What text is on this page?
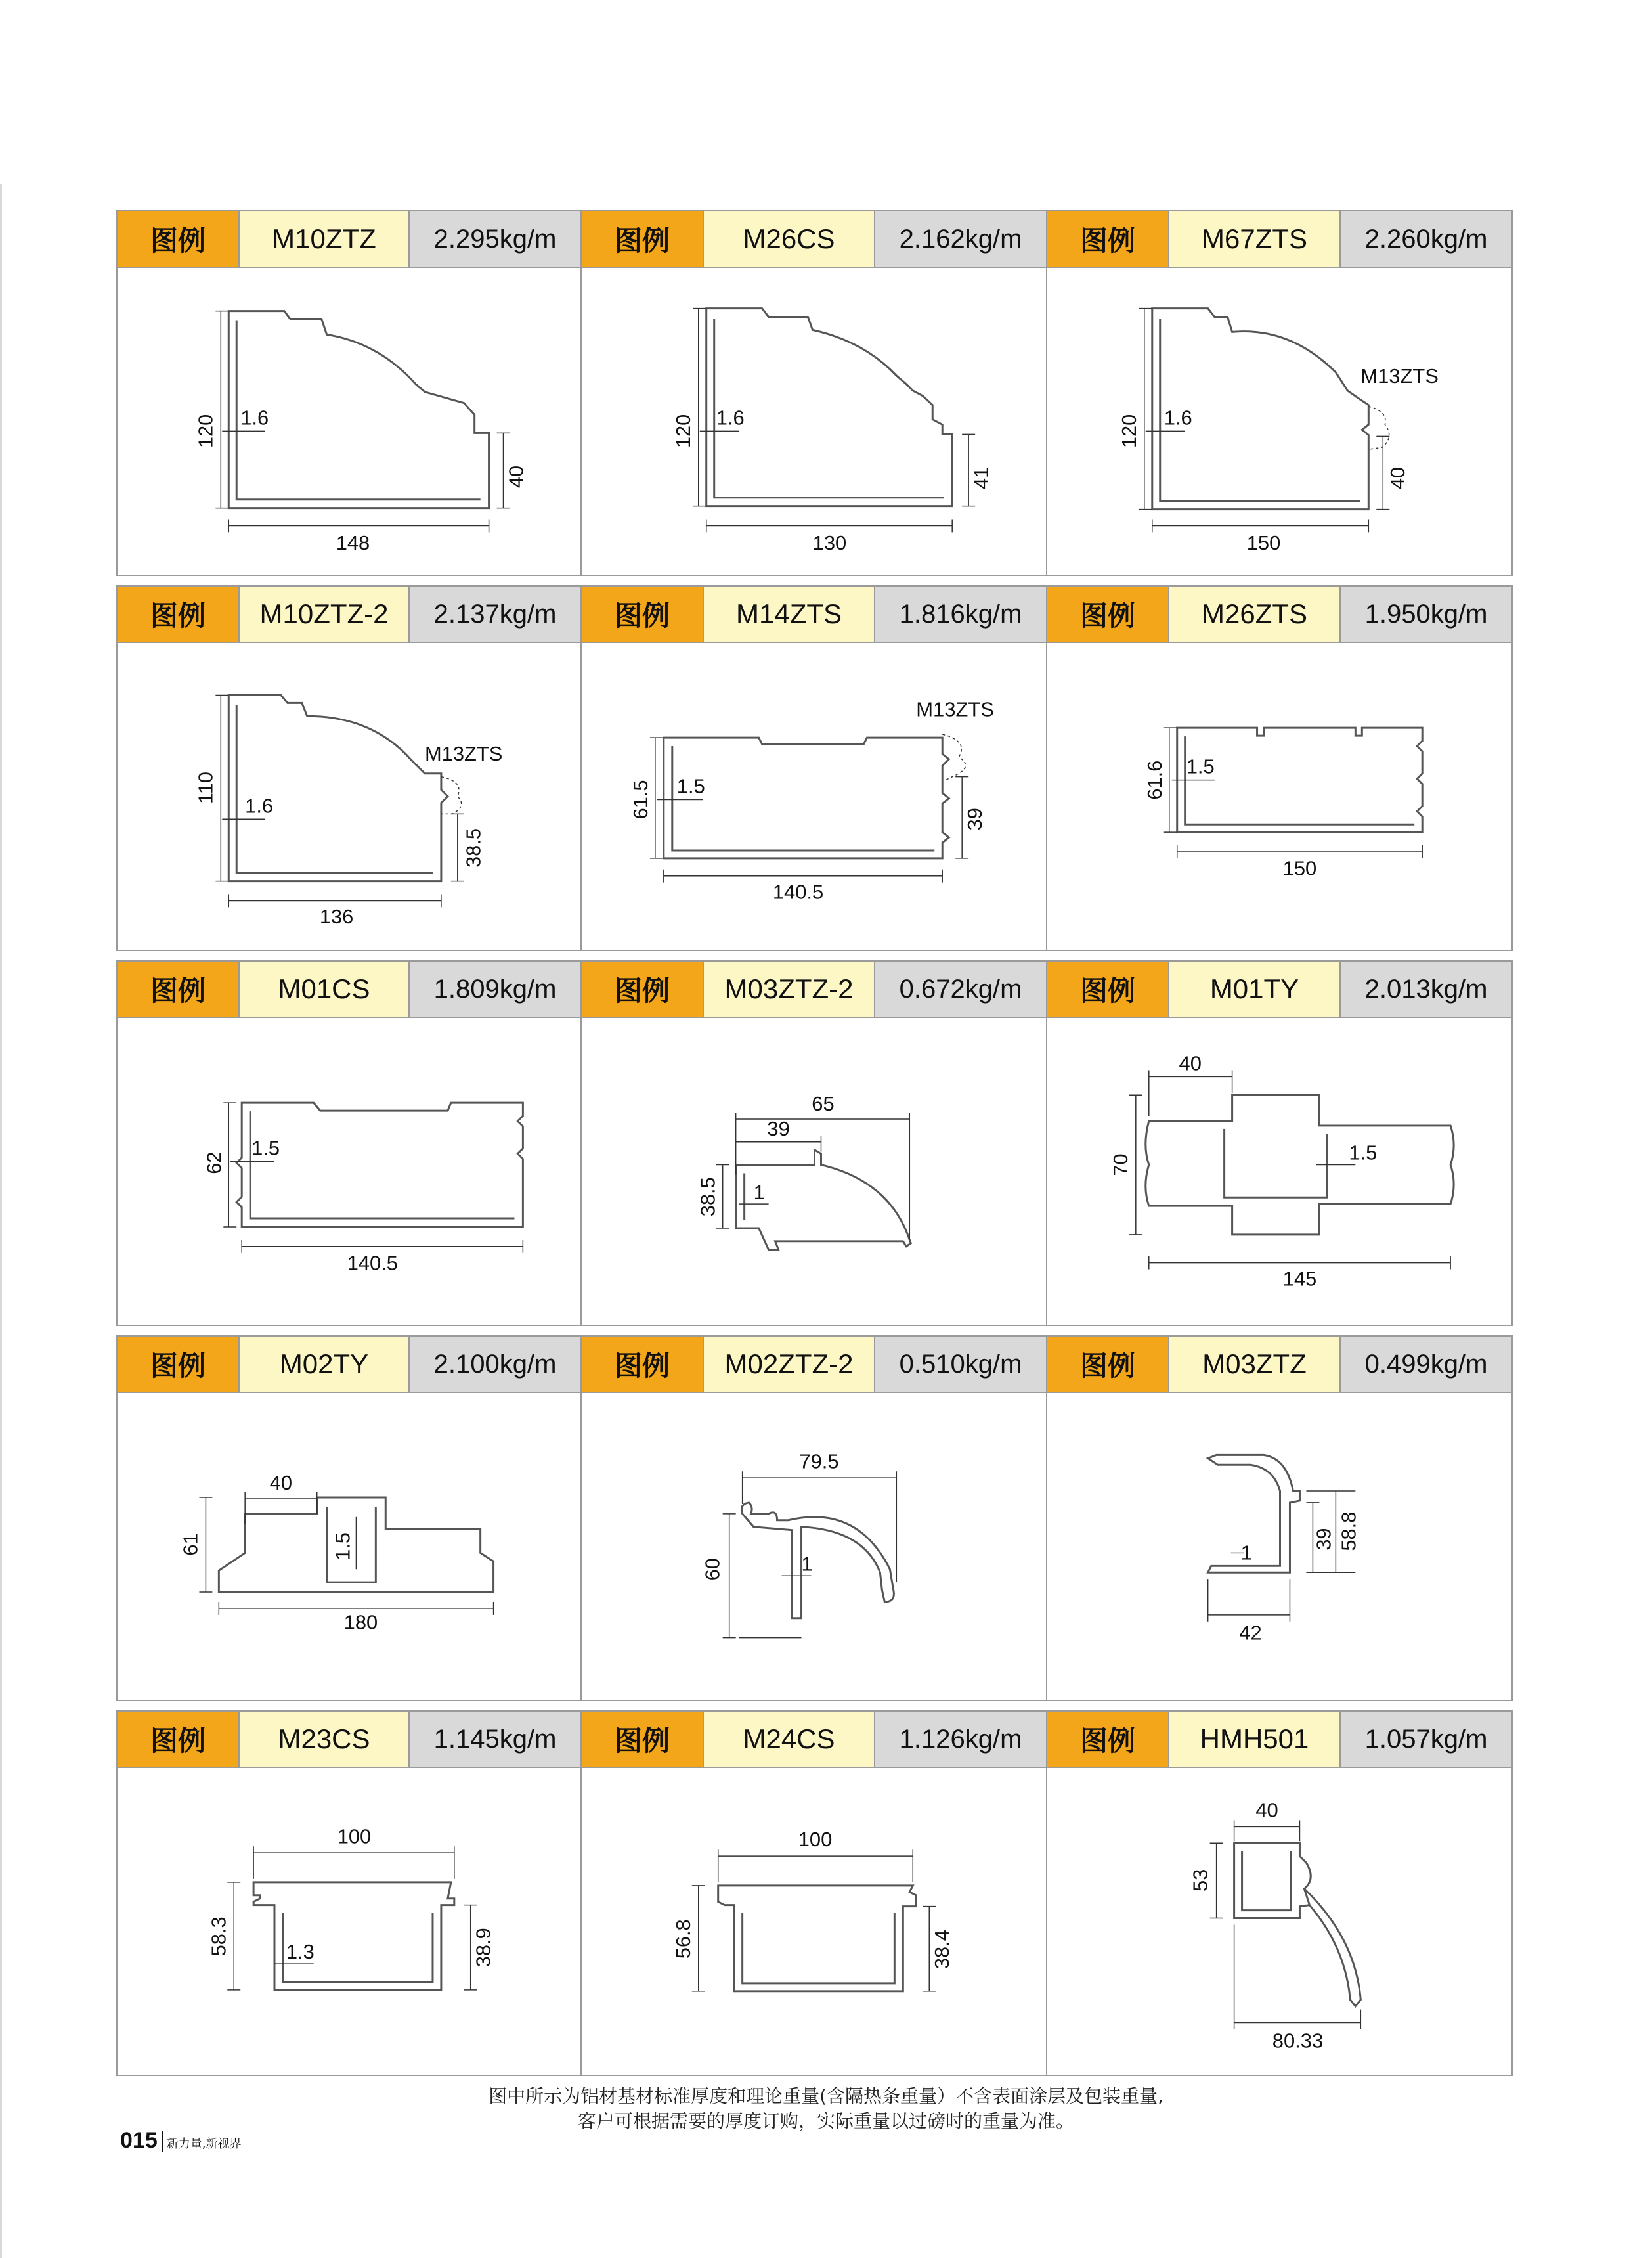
图例	M10ZTZ	2.295kg/m
120 1.6
40
148
图例	M26CS	2.162kg/m
120 1.6
41
130
图例	M67ZTS	2.260kg/m
120 1.6
40
150
M13ZTS
图例	M10ZTZ-2	2.137kg/m
110
1.6
38.5
136
M13ZTS
图例	M14ZTS	1.816kg/m
61.5 1.5
39
140.5
M13ZTS
图例	M26ZTS	1.950kg/m
61.6 1.5
150
图例	M01CS	1.809kg/m
62
1.5
140.5
图例	M03ZTZ-2	0.672kg/m
65
39
38.5 1
图例	M01TY	2.013kg/m
40
70
1.5
145
图例	M02TY	2.100kg/m
40
61	1.5
180
图例	M02ZTZ-2	0.510kg/m
79.5
60	1
图例	M03ZTZ	0.499kg/m
58.8
39
1
42
图例	M23CS	1.145kg/m
100
58.3	1.3	38.9
图例	M24CS	1.126kg/m
100
56.8	38.4
图例	HMH501	1.057kg/m
40
53
80.33
图中所示为铝材基材标准厚度和理论重量(含隔热条重量）不含表面涂层及包装重量,
客户可根据需要的厚度订购，实际重量以过磅时的重量为准。
015 新力量,新视界
